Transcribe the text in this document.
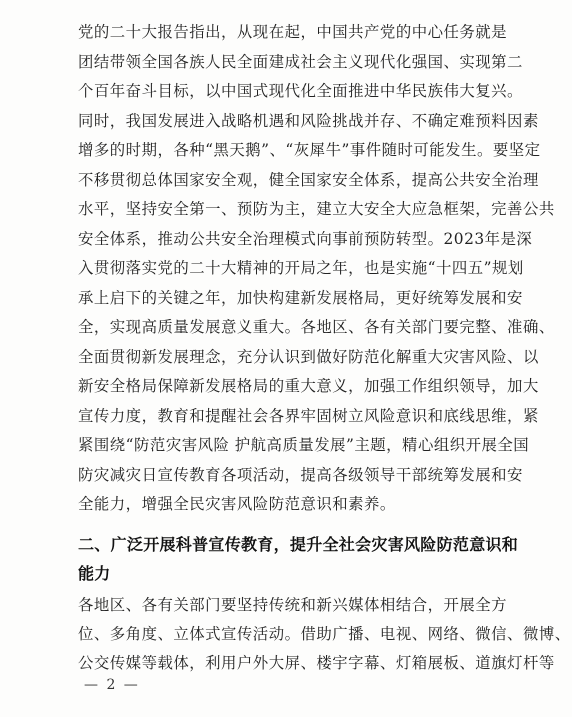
党的二十大报告指出，从现在起，中国共产党的中心任务就是
团结带领全国各族人民全面建成社会主义现代化强国、实现第二
个百年奋斗目标，以中国式现代化全面推进中华民族伟大复兴。
同时，我国发展进入战略机遇和风险挑战并存、不确定难预料因素
增多的时期，各种“黑天鹅”、“灰犀牛”事件随时可能发生。要坚定
不移贯彻总体国家安全观，健全国家安全体系，提高公共安全治理
水平，坚持安全第一、预防为主，建立大安全大应急框架，完善公共
安全体系，推动公共安全治理模式向事前预防转型。2023年是深
入贯彻落实党的二十大精神的开局之年，也是实施“十四五”规划
承上启下的关键之年，加快构建新发展格局，更好统筹发展和安
全，实现高质量发展意义重大。各地区、各有关部门要完整、准确、
全面贯彻新发展理念，充分认识到做好防范化解重大灾害风险、以
新安全格局保障新发展格局的重大意义，加强工作组织领导，加大
宣传力度，教育和提醒社会各界牢固树立风险意识和底线思维，紧
紧围绕“防范灾害风险 护航高质量发展”主题，精心组织开展全国
防灾减灾日宣传教育各项活动，提高各级领导干部统筹发展和安
全能力，增强全民灾害风险防范意识和素养。
二、广泛开展科普宣传教育，提升全社会灾害风险防范意识和
能力
各地区、各有关部门要坚持传统和新兴媒体相结合，开展全方
位、多角度、立体式宣传活动。借助广播、电视、网络、微信、微博、
公交传媒等载体，利用户外大屏、楼宇字幕、灯箱展板、道旗灯杆等
— 2 —
